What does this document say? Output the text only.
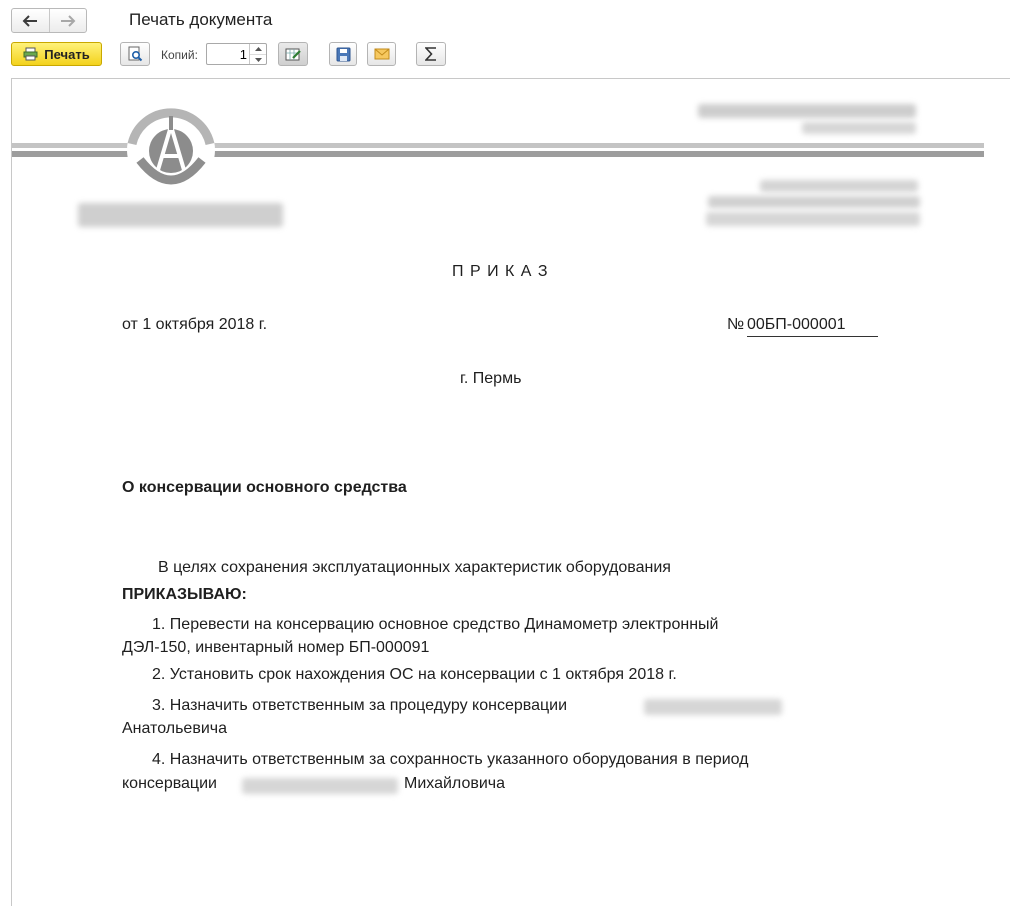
Печать документа
Печать	Копий:
1
П Р И К А З
от 1 октября 2018 г.	№ 00БП-000001
г. Пермь
О консервации основного средства
В целях сохранения эксплуатационных характеристик оборудования
ПРИКАЗЫВАЮ:
1. Перевести на консервацию основное средство Динамометр электронный
ДЭЛ-150, инвентарный номер БП-000091
2. Установить срок нахождения ОС на консервации с 1 октября 2018 г.
3. Назначить ответственным за процедуру консервации
Анатольевича
4. Назначить ответственным за сохранность указанного оборудования в период
консервации	Михайловича
